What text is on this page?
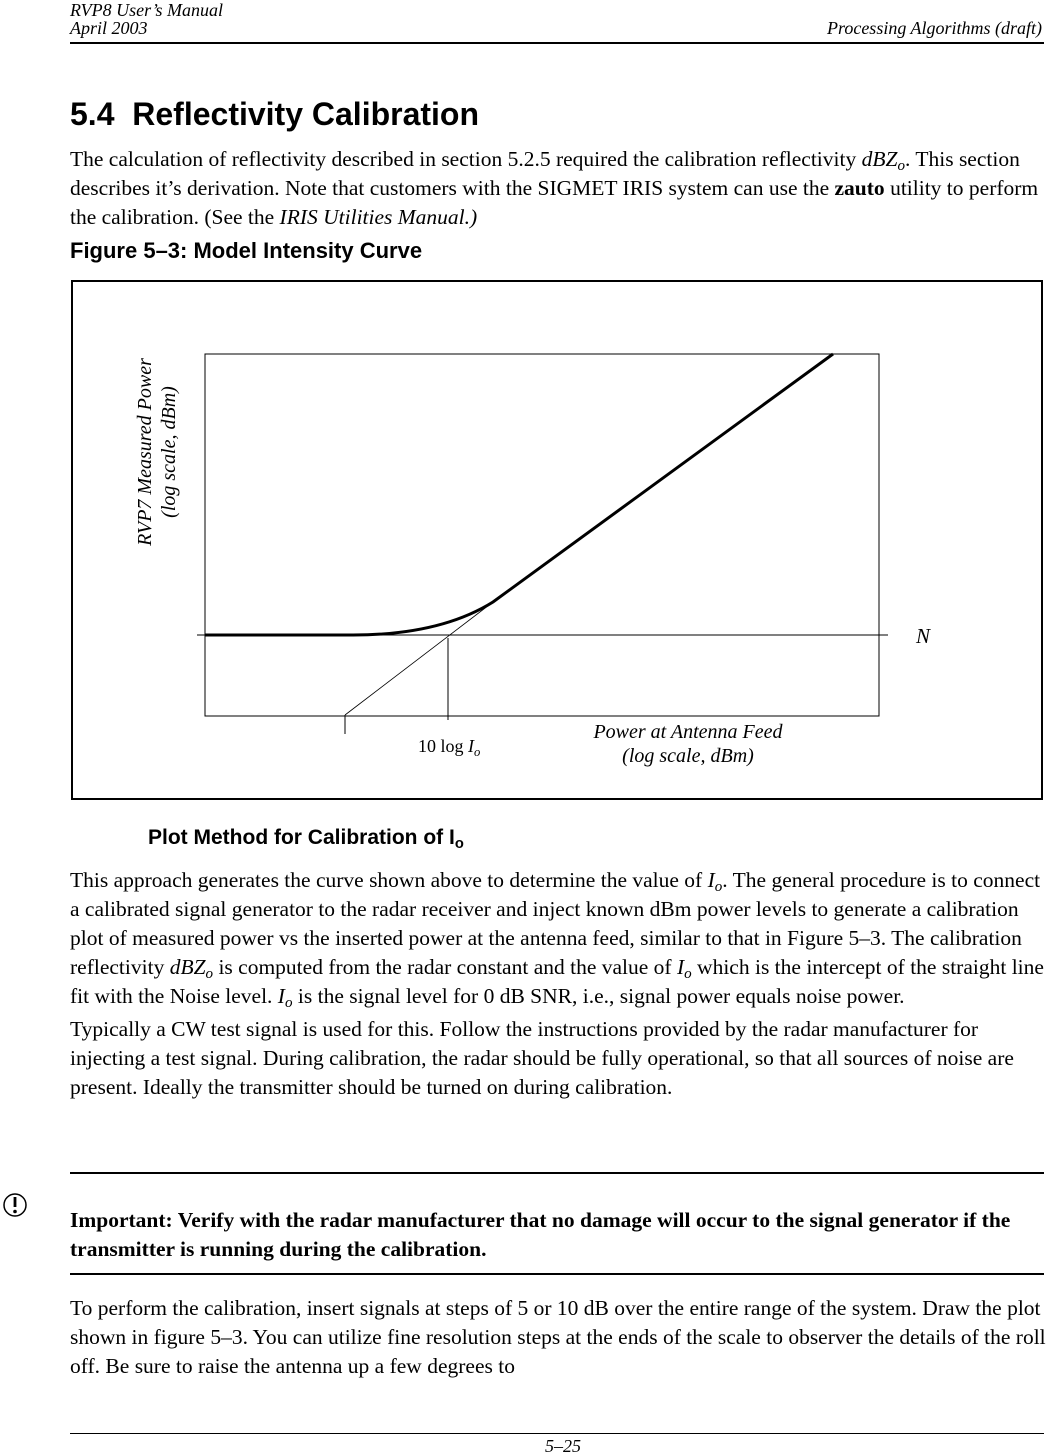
RVP8 User’s Manual
April 2003	Processing Algorithms (draft)
5.4 Reflectivity Calibration
The calculation of reflectivity described in section 5.2.5 required the calibration reflectivity dBZ$_o$. This section describes it’s derivation. Note that customers with the SIGMET IRIS system can use the zauto utility to perform the calibration. (See the IRIS Utilities Manual.)
Figure 5–3: Model Intensity Curve
RVP7 Measured Power (log scale, dBm)
N
10 $\log I_o$
Power at Antenna Feed
(log scale, dBm)
Plot Method for Calibration of $I_o$
This approach generates the curve shown above to determine the value of $I_o$. The general procedure is to connect a calibrated signal generator to the radar receiver and inject known dBm power levels to generate a calibration plot of measured power vs the inserted power at the antenna feed, similar to that in Figure 5–3. The calibration reflectivity dBZ$_o$ is computed from the radar constant and the value of $I_o$ which is the intercept of the straight line fit with the Noise level. $I_o$ is the signal level for 0 dB SNR, i.e., signal power equals noise power.
Typically a CW test signal is used for this. Follow the instructions provided by the radar manufacturer for injecting a test signal. During calibration, the radar should be fully operational, so that all sources of noise are present. Ideally the transmitter should be turned on during calibration.
Important: Verify with the radar manufacturer that no damage will occur to the signal generator if the transmitter is running during the calibration.
To perform the calibration, insert signals at steps of 5 or 10 dB over the entire range of the system. Draw the plot shown in figure 5–3. You can utilize fine resolution steps at the ends of the scale to observer the details of the roll off. Be sure to raise the antenna up a few degrees to
5–25
